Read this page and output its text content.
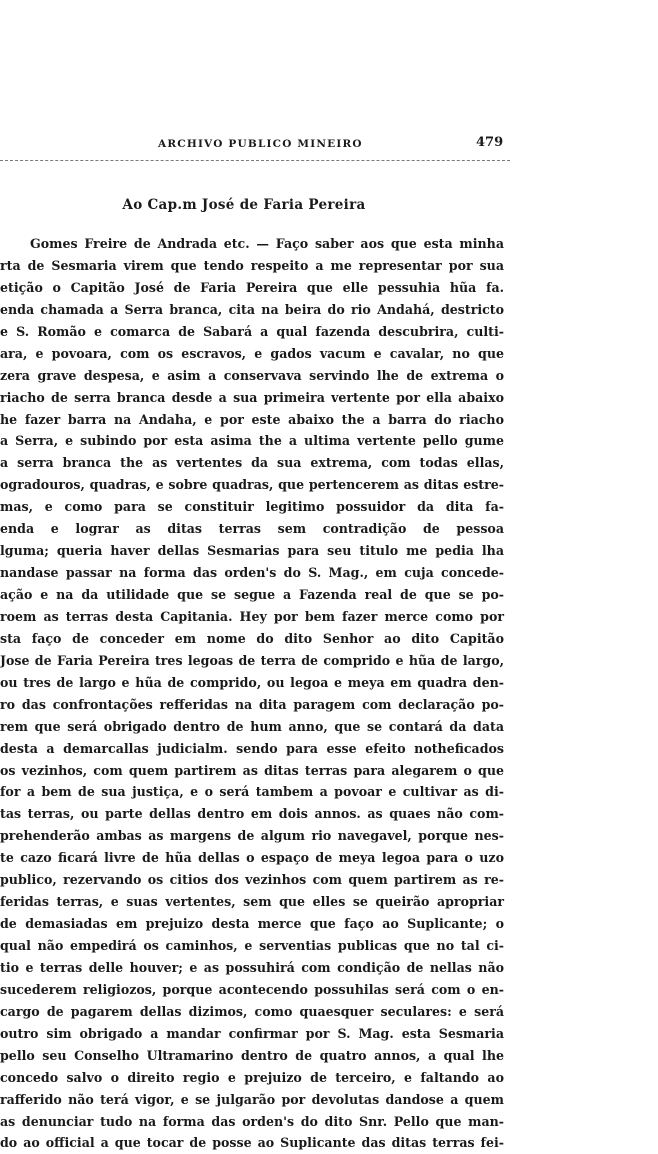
ARCHIVO PUBLICO MINEIRO	479
Ao Cap.m José de Faria Pereira
Gomes Freire de Andrada etc. — Faço saber aos que esta minha
rta de Sesmaria virem que tendo respeito a me representar por sua
etição o Capitão José de Faria Pereira que elle pessuhia hũa fa.
enda chamada a Serra branca, cita na beira do rio Andahá, destricto
e S. Romão e comarca de Sabará a qual fazenda descubrira, culti-
ara, e povoara, com os escravos, e gados vacum e cavalar, no que
zera grave despesa, e asim a conservava servindo lhe de extrema o
riacho de serra branca desde a sua primeira vertente por ella abaixo
he fazer barra na Andaha, e por este abaixo the a barra do riacho
a Serra, e subindo por esta asima the a ultima vertente pello gume
a serra branca the as vertentes da sua extrema, com todas ellas,
ogradouros, quadras, e sobre quadras, que pertencerem as ditas estre-
mas, e como para se constituir legitimo possuidor da dita fa-
enda e lograr as ditas terras sem contradição de pessoa
lguma; queria haver dellas Sesmarias para seu titulo me pedia lha
nandase passar na forma das orden's do S. Mag., em cuja concede-
ação e na da utilidade que se segue a Fazenda real de que se po-
roem as terras desta Capitania. Hey por bem fazer merce como por
sta faço de conceder em nome do dito Senhor ao dito Capitão
Jose de Faria Pereira tres legoas de terra de comprido e hũa de largo,
ou tres de largo e hũa de comprido, ou legoa e meya em quadra den-
ro das confrontações refferidas na dita paragem com declaração po-
rem que será obrigado dentro de hum anno, que se contará da data
desta a demarcallas judicialm. sendo para esse efeito notheficados
os vezinhos, com quem partirem as ditas terras para alegarem o que
for a bem de sua justiça, e o será tambem a povoar e cultivar as di-
tas terras, ou parte dellas dentro em dois annos. as quaes não com-
prehenderão ambas as margens de algum rio navegavel, porque nes-
te cazo ficará livre de hũa dellas o espaço de meya legoa para o uzo
publico, rezervando os citios dos vezinhos com quem partirem as re-
feridas terras, e suas vertentes, sem que elles se queirão apropriar
de demasiadas em prejuizo desta merce que faço ao Suplicante; o
qual não empedirá os caminhos, e serventias publicas que no tal ci-
tio e terras delle houver; e as possuhirá com condição de nellas não
sucederem religiozos, porque acontecendo possuhilas será com o en-
cargo de pagarem dellas dizimos, como quaesquer seculares: e será
outro sim obrigado a mandar confirmar por S. Mag. esta Sesmaria
pello seu Conselho Ultramarino dentro de quatro annos, a qual lhe
concedo salvo o direito regio e prejuizo de terceiro, e faltando ao
rafferido não terá vigor, e se julgarão por devolutas dandose a quem
as denunciar tudo na forma das orden's do dito Snr. Pello que man-
do ao official a que tocar de posse ao Suplicante das ditas terras fei-
